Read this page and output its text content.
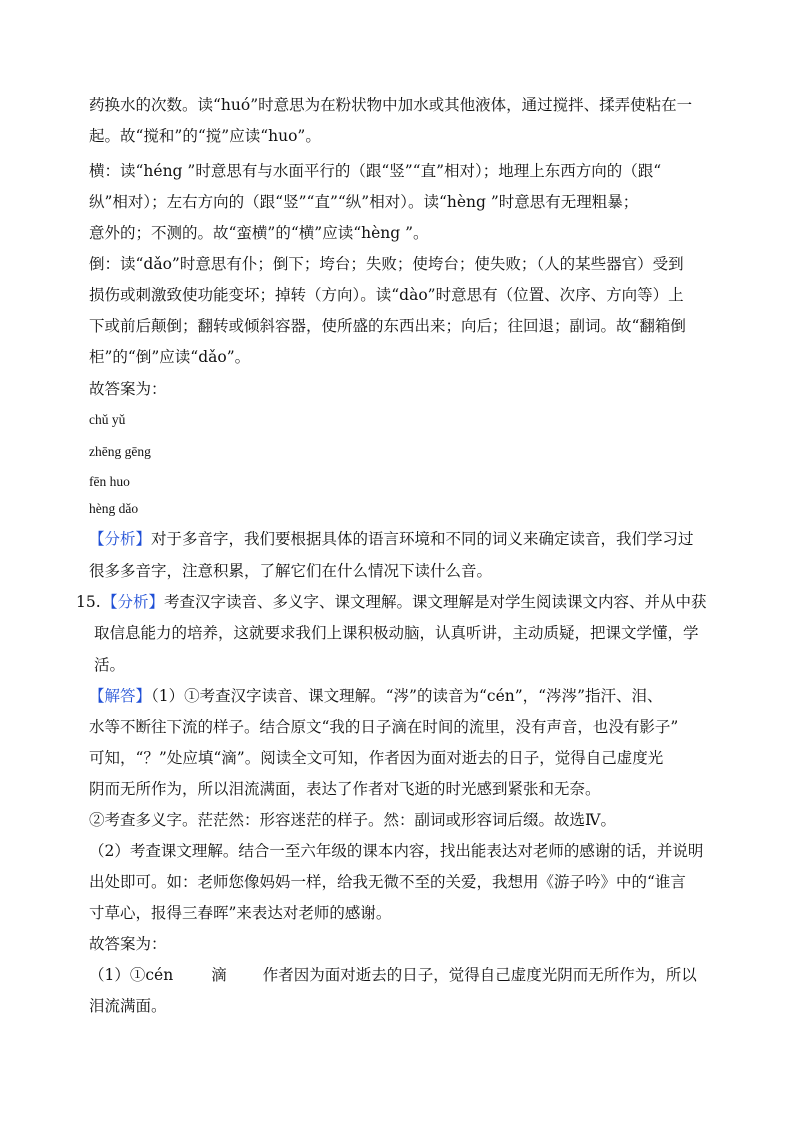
药换水的次数。读“huó”时意思为在粉状物中加水或其他液体，通过搅拌、揉弄使粘在一
起。故“搅和”的“搅”应读“huo”。
横：读“héng ”时意思有与水面平行的（跟“竖”“直”相对）；地理上东西方向的（跟“
纵”相对）；左右方向的（跟“竖”“直”“纵”相对）。读“hèng ”时意思有无理粗暴；
意外的；不测的。故“蛮横”的“横”应读“hèng ”。
倒：读“dǎo”时意思有仆；倒下；垮台；失败；使垮台；使失败；（人的某些器官）受到
损伤或刺激致使功能变坏；掉转（方向）。读“dào”时意思有（位置、次序、方向等）上
下或前后颠倒；翻转或倾斜容器，使所盛的东西出来；向后；往回退；副词。故“翻箱倒
柜”的“倒”应读“dǎo”。
故答案为：
chǔ yǔ
zhēng gēng
fēn huo
hèng dǎo
【分析】对于多音字，我们要根据具体的语言环境和不同的词义来确定读音，我们学习过
很多多音字，注意积累，了解它们在什么情况下读什么音。
15. 【分析】考查汉字读音、多义字、课文理解。课文理解是对学生阅读课文内容、并从中获
取信息能力的培养，这就要求我们上课积极动脑，认真听讲，主动质疑，把课文学懂，学
活。
【解答】（1）①考查汉字读音、课文理解。“涔”的读音为“cén”，“涔涔”指汗、泪、
水等不断往下流的样子。结合原文“我的日子滴在时间的流里，没有声音，也没有影子”
可知，“？”处应填“滴”。阅读全文可知，作者因为面对逝去的日子，觉得自己虚度光
阴而无所作为，所以泪流满面，表达了作者对飞逝的时光感到紧张和无奈。
②考查多义字。茫茫然：形容迷茫的样子。然：副词或形容词后缀。故选Ⅳ。
（2）考查课文理解。结合一至六年级的课本内容，找出能表达对老师的感谢的话，并说明
出处即可。如：老师您像妈妈一样，给我无微不至的关爱，我想用《游子吟》中的“谁言
寸草心，报得三春晖”来表达对老师的感谢。
故答案为：
（1）①cén 滴 作者因为面对逝去的日子，觉得自己虚度光阴而无所作为，所以
泪流满面。
